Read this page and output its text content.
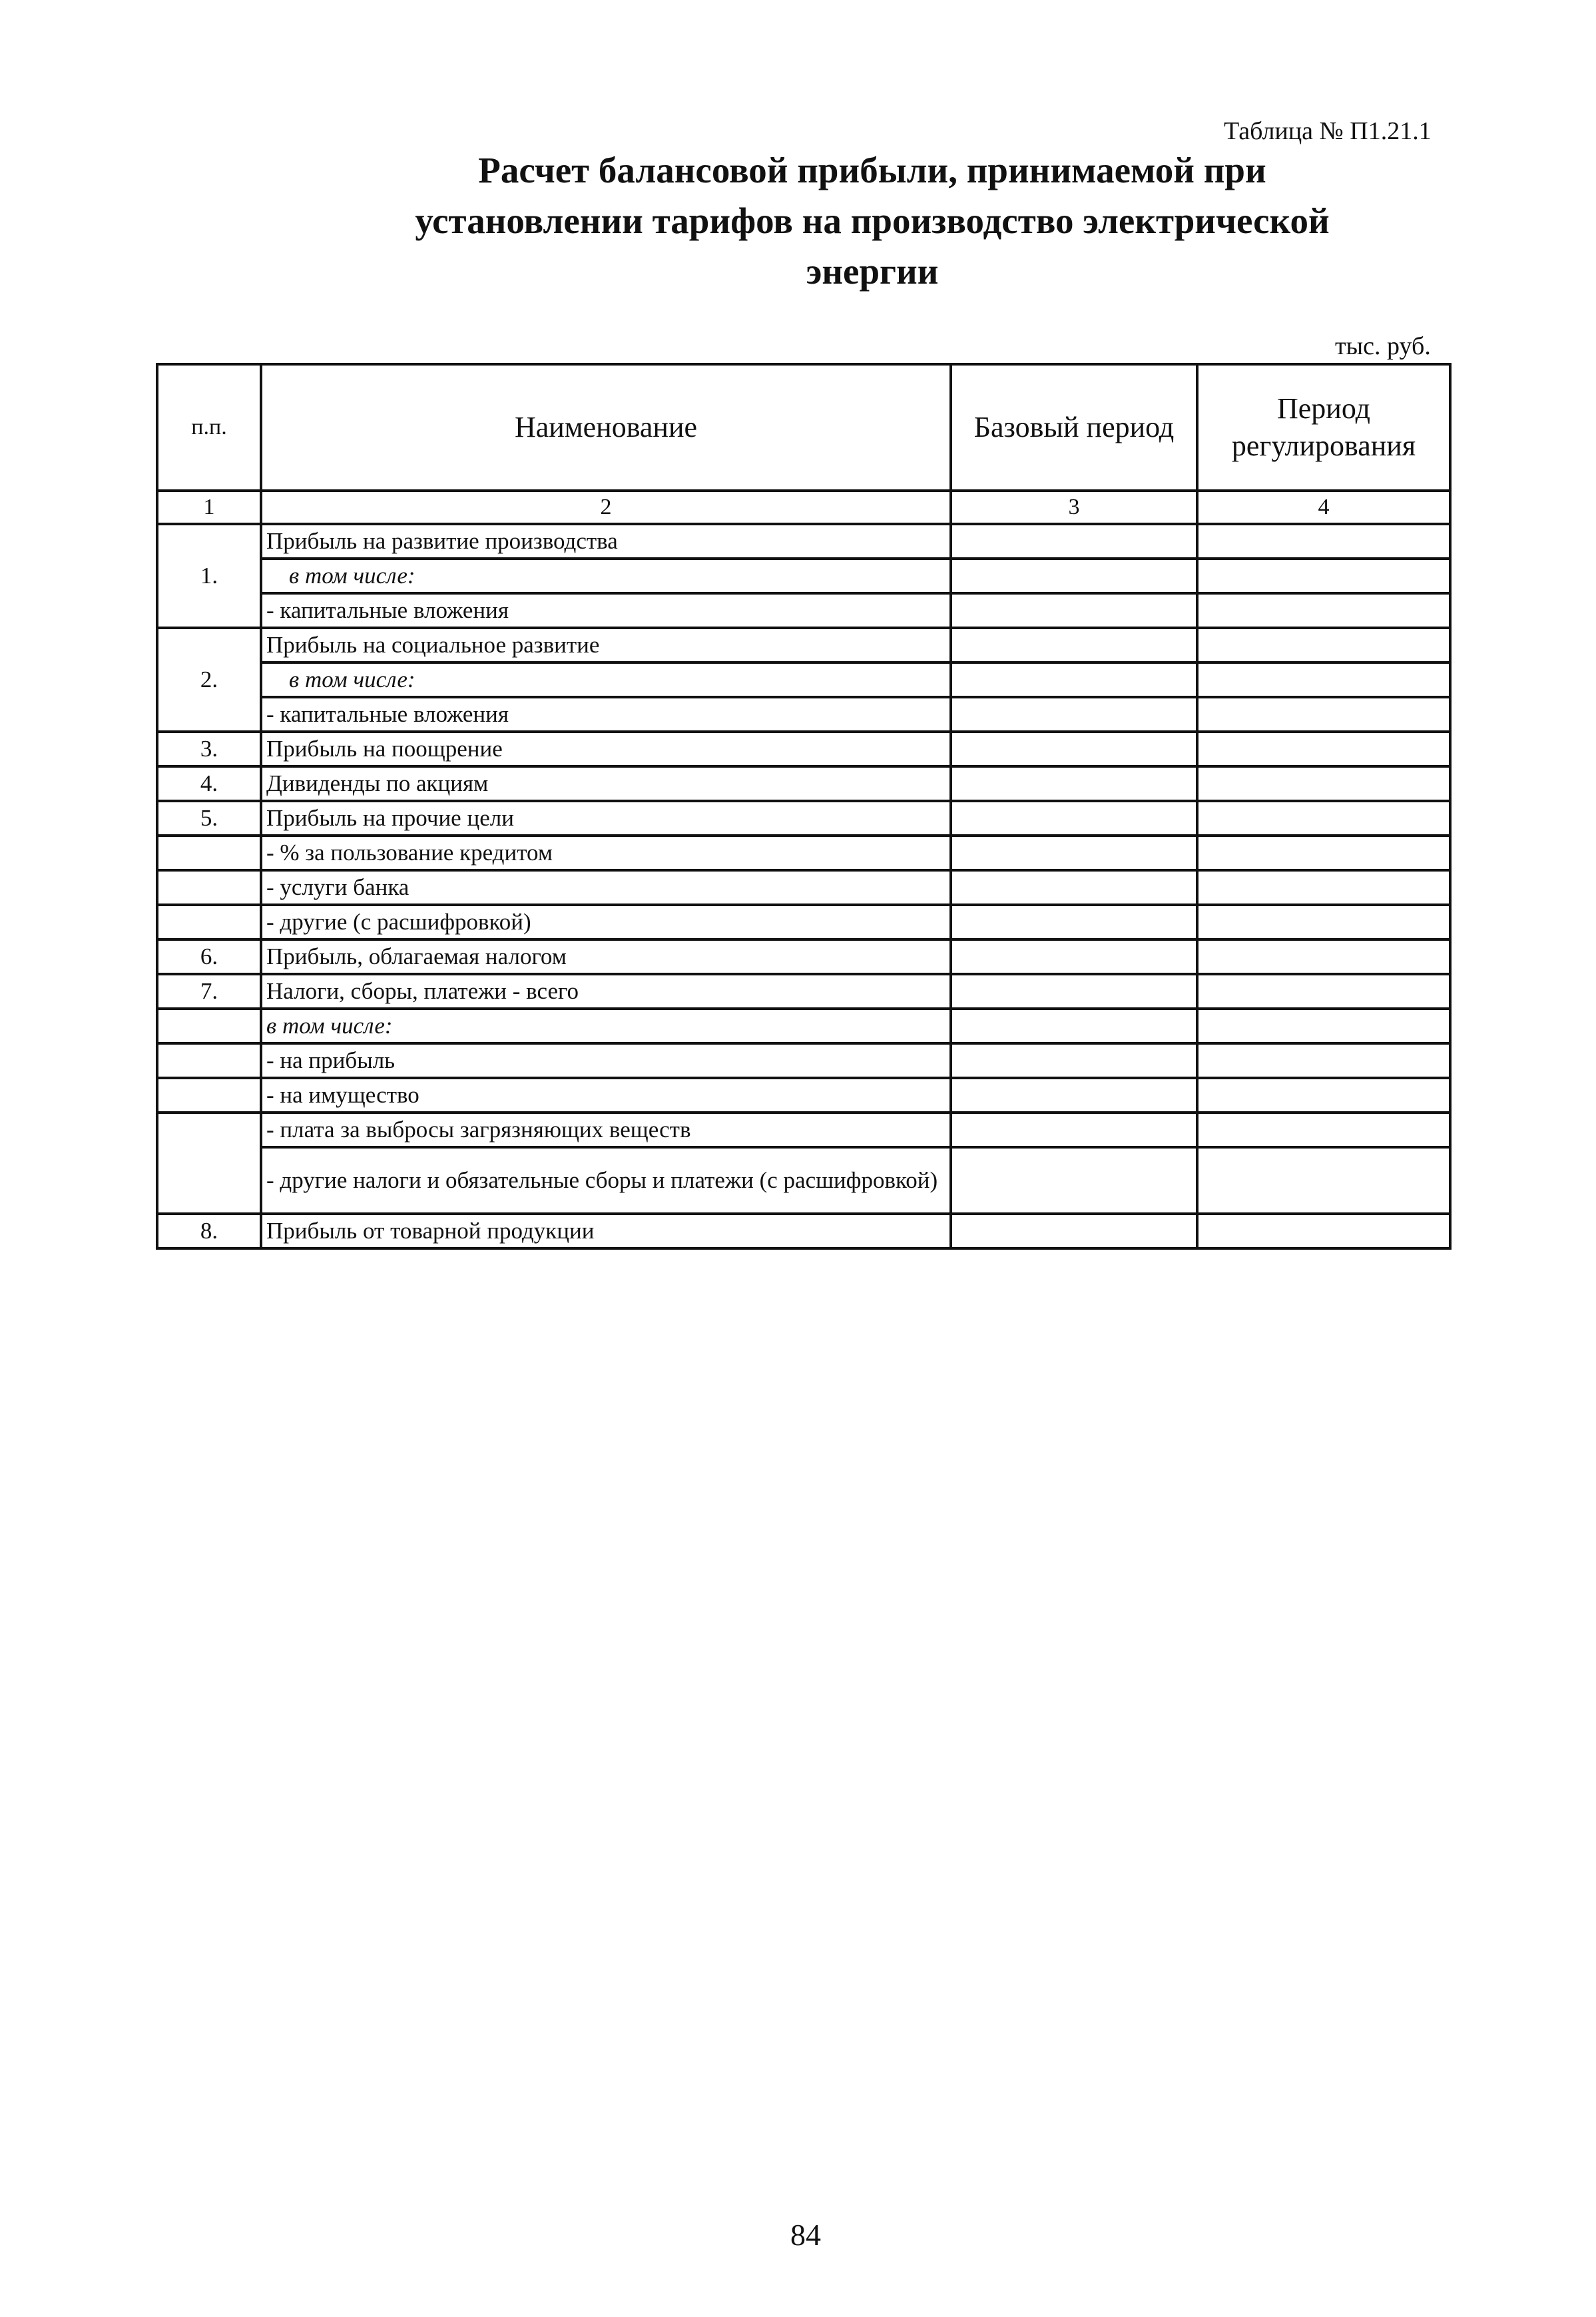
Таблица № П1.21.1
Расчет балансовой прибыли, принимаемой при
установлении тарифов на производство электрической
энергии
тыс. руб.
п.п.	Наименование	Базовый период	Период регулирования
1	2	3	4
1.	Прибыль на развитие производства		
	в том числе:		
	- капитальные вложения		
2.	Прибыль на социальное развитие		
	в том числе:		
	- капитальные вложения		
3.	Прибыль на поощрение		
4.	Дивиденды по акциям		
5.	Прибыль на прочие цели		
	- % за пользование кредитом		
	- услуги банка		
	- другие (с расшифровкой)		
6.	Прибыль, облагаемая налогом		
7.	Налоги, сборы, платежи - всего		
	в том числе:		
	- на прибыль		
	- на имущество		
	- плата за выбросы загрязняющих веществ		
	- другие налоги и обязательные сборы и платежи (с расшифровкой)		
8.	Прибыль от товарной продукции		
84
